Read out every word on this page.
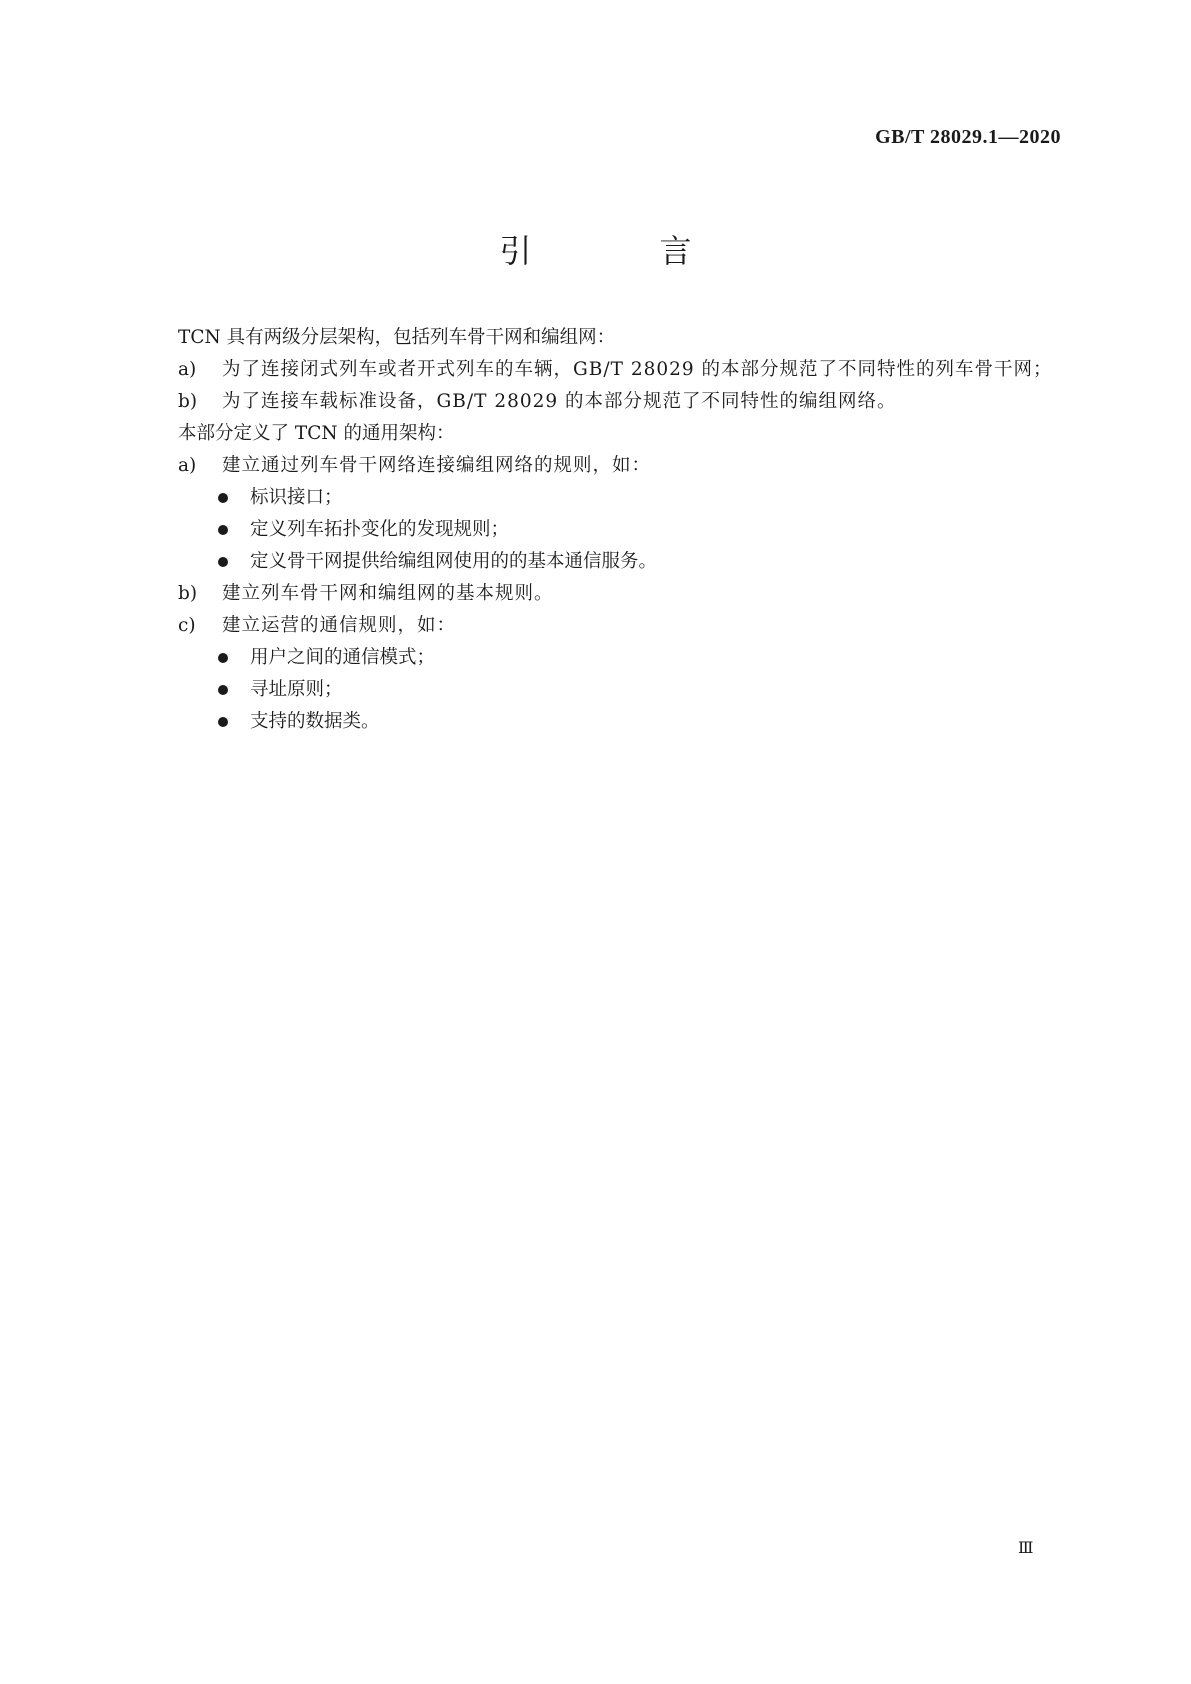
GB/T 28029.1—2020
引　言
TCN 具有两级分层架构，包括列车骨干网和编组网：
a)	为了连接闭式列车或者开式列车的车辆，GB/T 28029 的本部分规范了不同特性的列车骨干网；
b)	为了连接车载标准设备，GB/T 28029 的本部分规范了不同特性的编组网络。
本部分定义了 TCN 的通用架构：
a)	建立通过列车骨干网络连接编组网络的规则，如：
标识接口；
定义列车拓扑变化的发现规则；
定义骨干网提供给编组网使用的的基本通信服务。
b)	建立列车骨干网和编组网的基本规则。
c)	建立运营的通信规则，如：
用户之间的通信模式；
寻址原则；
支持的数据类。
Ⅲ
